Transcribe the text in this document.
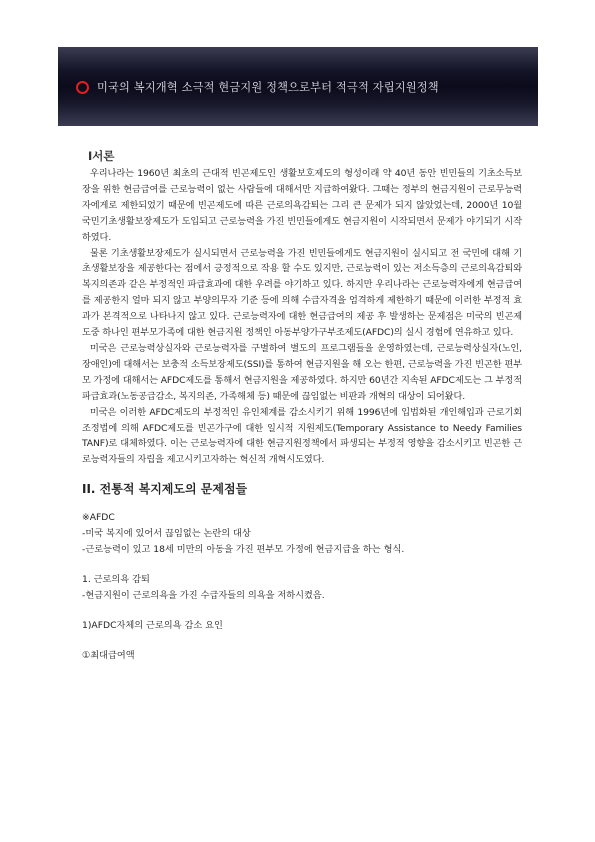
미국의 복지개혁 소극적 현금지원 정책으로부터 적극적 자립지원정책
Ⅰ서론

우리나라는 1960년 최초의 근대적 빈곤제도인 생활보호제도의 형성이래 약 40년 동안 빈민들의 기초소득보장을 위한 현금급여를 근로능력이 없는 사람들에 대해서만 지급하여왔다. 그때는 정부의 현금지원이 근로무능력자에게로 제한되었기 때문에 빈곤제도에 따른 근로의욕감퇴는 그리 큰 문제가 되지 않았었는데, 2000년 10월 국민기초생활보장제도가 도입되고 근로능력을 가진 빈민들에게도 현금지원이 시작되면서 문제가 야기되기 시작하였다.

물론 기초생활보장제도가 실시되면서 근로능력을 가진 빈민들에게도 현금지원이 실시되고 전 국민에 대해 기초생활보장을 제공한다는 점에서 긍정적으로 작용 할 수도 있지만, 근로능력이 있는 저소득층의 근로의욕감퇴와 복지의존과 같은 부정적인 파급효과에 대한 우려를 야기하고 있다. 하지만 우리나라는 근로능력자에게 현금급여를 제공한지 얼마 되지 않고 부양의무자 기준 등에 의해 수급자격을 엄격하게 제한하기 때문에 이러한 부정적 효과가 본격적으로 나타나지 않고 있다. 근로능력자에 대한 현금급여의 제공 후 발생하는 문제점은 미국의 빈곤제도중 하나인 편부모가족에 대한 현금지원 정책인 아동부양가구부조제도(AFDC)의 실시 경험에 연유하고 있다.

미국은 근로능력상실자와 근로능력자를 구별하여 별도의 프로그램들을 운영하였는데, 근로능력상실자(노인, 장애인)에 대해서는 보충적 소득보장제도(SSI)를 통하여 현금지원을 해 오는 한편, 근로능력을 가진 빈곤한 편부모 가정에 대해서는 AFDC제도를 통해서 현금지원을 제공하였다. 하지만 60년간 지속된 AFDC제도는 그 부정적 파급효과(노동공급감소, 복지의존, 가족해체 등) 때문에 끊임없는 비판과 개혁의 대상이 되어왔다.

미국은 이러한 AFDC제도의 부정적인 유인체계를 감소시키기 위해 1996년에 입법화된 개인해입과 근로기회 조정법에 의해 AFDC제도를 빈곤가구에 대한 일시적 지원제도(Temporary Assistance to Needy Families TANF)로 대체하였다. 이는 근로능력자에 대한 현금지원정책에서 파생되는 부정적 영향을 감소시키고 빈곤한 근로능력자들의 자립을 제고시키고자하는 혁신적 개혁시도였다.

II. 전통적 복지제도의 문제점들

※AFDC

-미국 복지에 있어서 끊임없는 논란의 대상

-근로능력이 있고 18세 미만의 아동을 가진 편부모 가정에 현금지급을 하는 형식.

1. 근로의욕 감퇴

-현금지원이 근로의욕을 가진 수급자들의 의욕을 저하시켰음.

1)AFDC자체의 근로의욕 감소 요인

①최대급여액
